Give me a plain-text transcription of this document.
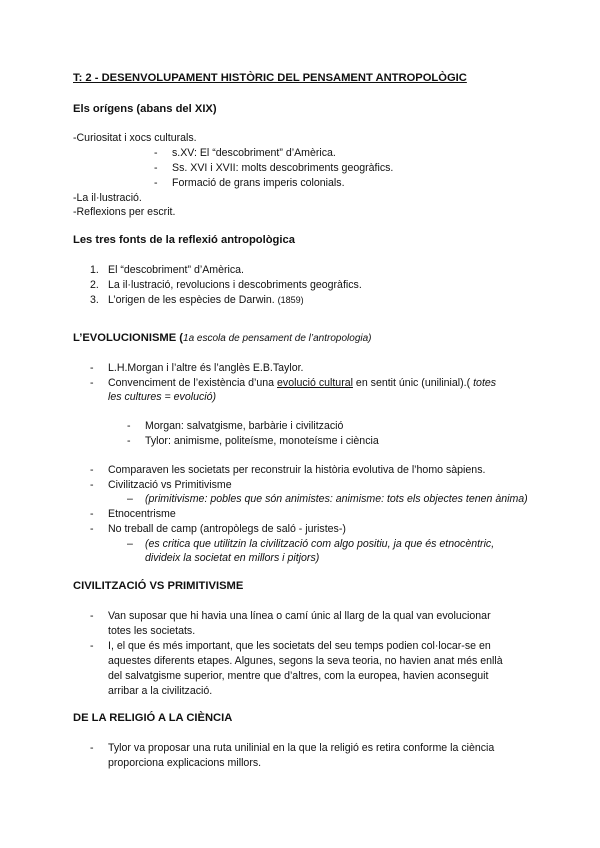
T: 2 - DESENVOLUPAMENT HISTÒRIC DEL PENSAMENT ANTROPOLÒGIC
Els orígens (abans del XIX)
-Curiositat i xocs culturals.
- s.XV: El “descobriment” d’Amèrica.
- Ss. XVI i XVII: molts descobriments geogràfics.
- Formació de grans imperis colonials.
-La il·lustració.
-Reflexions per escrit.
Les tres fonts de la reflexió antropològica
1. El “descobriment” d’Amèrica.
2. La il·lustració, revolucions i descobriments geogràfics.
3. L’origen de les espècies de Darwin. (1859)
L’EVOLUCIONISME (1a escola de pensament de l’antropologia)
- L.H.Morgan i l’altre és l’anglès E.B.Taylor.
- Convenciment de l’existència d’una evolució cultural en sentit únic (unilinial).( totes
les cultures = evolució)
- Morgan: salvatgisme, barbàrie i civilització
- Tylor: animisme, politeísme, monoteísme i ciència
- Comparaven les societats per reconstruir la història evolutiva de l’homo sàpiens.
- Civilització vs Primitivisme
– (primitivisme: pobles que són animistes: animisme: tots els objectes tenen ànima)
- Etnocentrisme
- No treball de camp (antropòlegs de saló - juristes-)
– (es critica que utilitzin la civilització com algo positiu, ja que és etnocèntric,
divideix la societat en millors i pitjors)
CIVILITZACIÓ VS PRIMITIVISME
- Van suposar que hi havia una línea o camí únic al llarg de la qual van evolucionar
totes les societats.
- I, el que és més important, que les societats del seu temps podien col·locar-se en
aquestes diferents etapes. Algunes, segons la seva teoria, no havien anat més enllà
del salvatgisme superior, mentre que d’altres, com la europea, havien aconseguit
arribar a la civilització.
DE LA RELIGIÓ A LA CIÈNCIA
- Tylor va proposar una ruta unilinial en la que la religió es retira conforme la ciència
proporciona explicacions millors.
